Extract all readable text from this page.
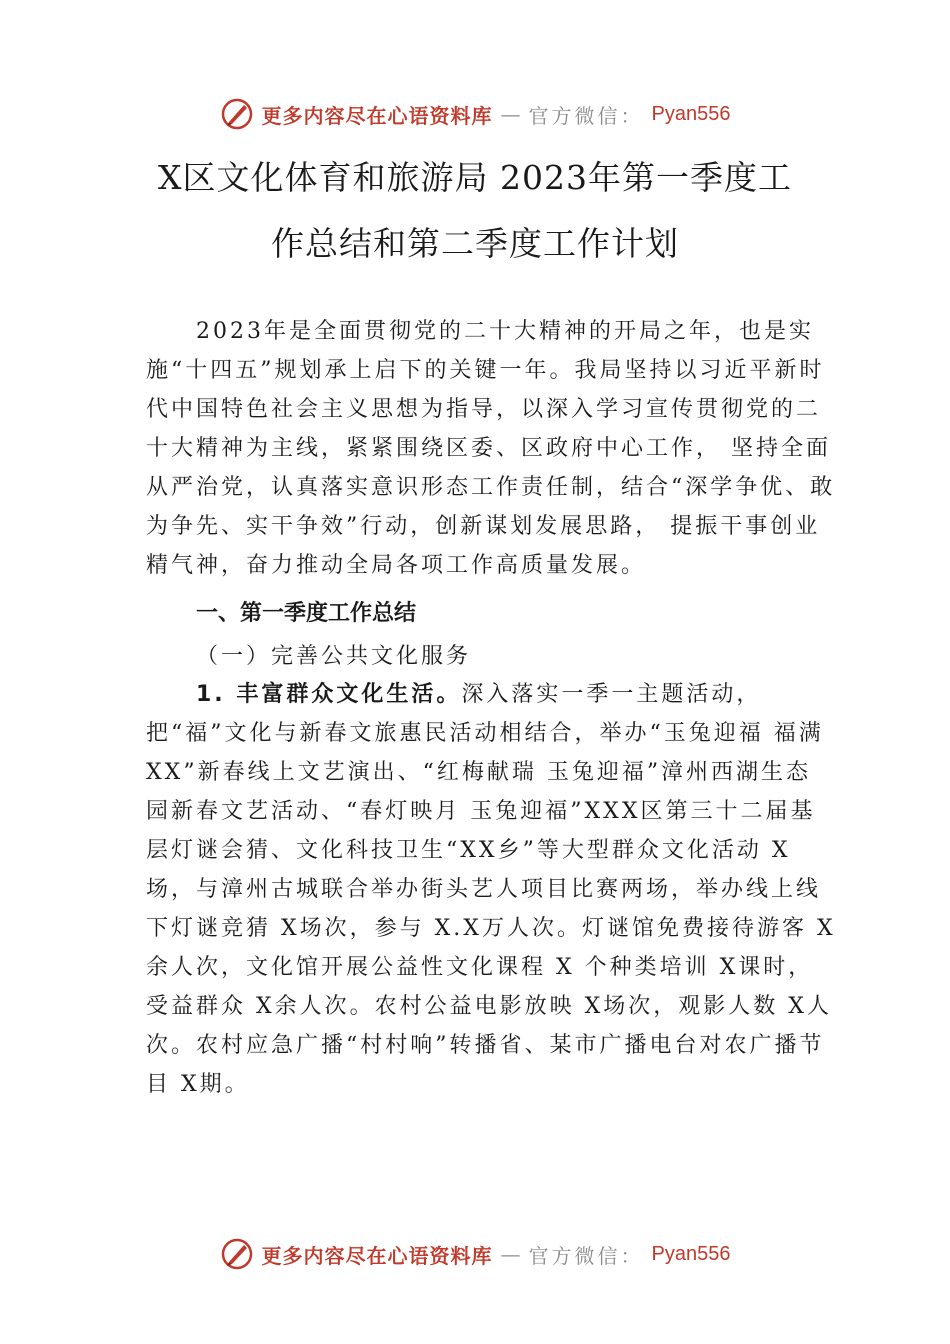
更多内容尽在心语资料库 — 官方微信： Pyan556
X区文化体育和旅游局 2023年第一季度工
作总结和第二季度工作计划

2023年是全面贯彻党的二十大精神的开局之年，也是实施“十四五”规划承上启下的关键一年。我局坚持以习近平新时代中国特色社会主义思想为指导，以深入学习宣传贯彻党的二十大精神为主线，紧紧围绕区委、区政府中心工作， 坚持全面从严治党，认真落实意识形态工作责任制，结合“深学争优、敢为争先、实干争效”行动，创新谋划发展思路， 提振干事创业精气神，奋力推动全局各项工作高质量发展。

一、第一季度工作总结
（一）完善公共文化服务

1. 丰富群众文化生活。深入落实一季一主题活动，把“福”文化与新春文旅惠民活动相结合，举办“玉兔迎福 福满 XX”新春线上文艺演出、“红梅献瑞 玉兔迎福”漳州西湖生态园新春文艺活动、“春灯映月 玉兔迎福”XXX区第三十二届基层灯谜会猜、文化科技卫生“XX乡”等大型群众文化活动 X 场，与漳州古城联合举办街头艺人项目比赛两场，举办线上线下灯谜竞猜 X场次，参与 X.X万人次。灯谜馆免费接待游客 X 余人次，文化馆开展公益性文化课程 X 个种类培训 X课时，受益群众 X余人次。农村公益电影放映 X场次，观影人数 X人次。农村应急广播“村村响”转播省、某市广播电台对农广播节目 X期。

更多内容尽在心语资料库 — 官方微信： Pyan556
